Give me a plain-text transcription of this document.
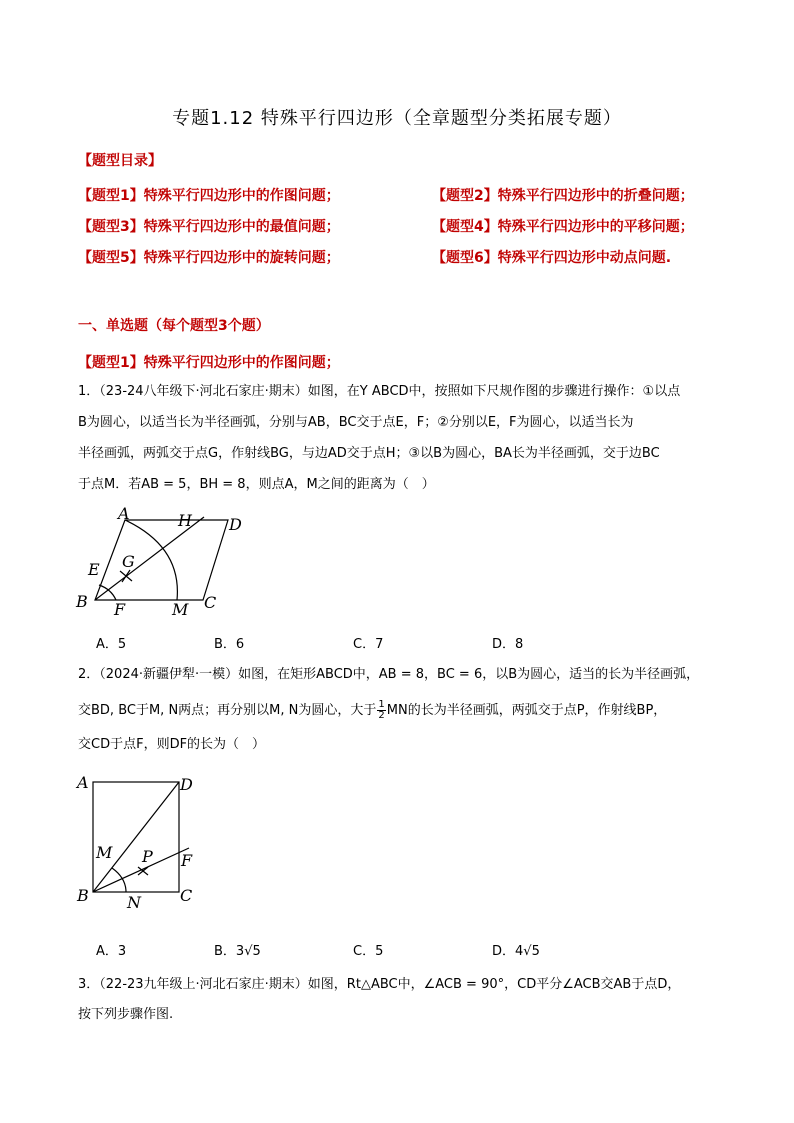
专题1.12 特殊平行四边形（全章题型分类拓展专题）
【题型目录】
【题型1】特殊平行四边形中的作图问题；	【题型2】特殊平行四边形中的折叠问题；
【题型3】特殊平行四边形中的最值问题；	【题型4】特殊平行四边形中的平移问题；
【题型5】特殊平行四边形中的旋转问题；	【题型6】特殊平行四边形中动点问题.
一、单选题（每个题型3个题）
【题型1】特殊平行四边形中的作图问题；
1．（23-24八年级下·河北石家庄·期末）如图，在Y ABCD中，按照如下尺规作图的步骤进行操作：①以点
B为圆心，以适当长为半径画弧，分别与AB，BC交于点E，F；②分别以E，F为圆心，以适当长为
半径画弧，两弧交于点G，作射线BG，与边AD交于点H；③以B为圆心，BA长为半径画弧，交于边BC
于点M．若AB = 5，BH = 8，则点A，M之间的距离为（　）
A	H D
E G
B F	M C
A．5	B．6	C．7	D．8
2．（2024·新疆伊犁·一模）如图，在矩形ABCD中，AB = 8，BC = 6，以B为圆心，适当的长为半径画弧，
交BD, BC于M, N两点；再分别以M, N为圆心，大于 $\frac{1}{2}$ MN的长为半径画弧，两弧交于点P，作射线BP，
交CD于点F，则DF的长为（　）
A	D
M P F
B N C
A．3	B．3√5	C．5	D．4√5
3．（22-23九年级上·河北石家庄·期末）如图，Rt△ABC中，∠ACB = 90°，CD平分∠ACB交AB于点D，
按下列步骤作图.
